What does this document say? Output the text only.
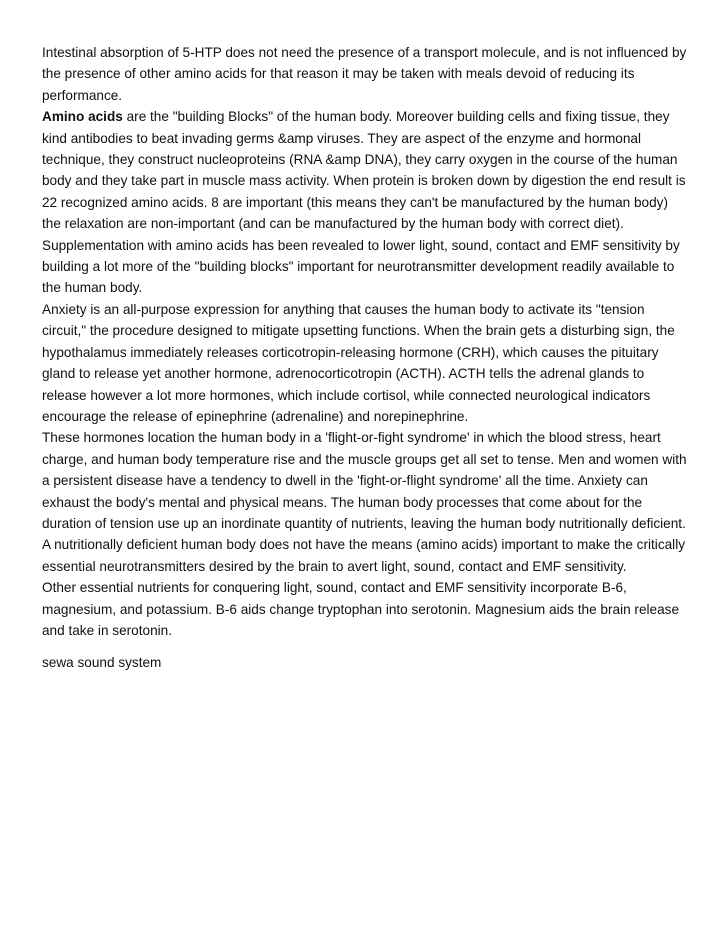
Intestinal absorption of 5-HTP does not need the presence of a transport molecule, and is not influenced by the presence of other amino acids for that reason it may be taken with meals devoid of reducing its performance.

Amino acids are the "building Blocks" of the human body. Moreover building cells and fixing tissue, they kind antibodies to beat invading germs &amp viruses. They are aspect of the enzyme and hormonal technique, they construct nucleoproteins (RNA &amp DNA), they carry oxygen in the course of the human body and they take part in muscle mass activity. When protein is broken down by digestion the end result is 22 recognized amino acids. 8 are important (this means they can't be manufactured by the human body) the relaxation are non-important (and can be manufactured by the human body with correct diet).

Supplementation with amino acids has been revealed to lower light, sound, contact and EMF sensitivity by building a lot more of the "building blocks" important for neurotransmitter development readily available to the human body.

Anxiety is an all-purpose expression for anything that causes the human body to activate its "tension circuit," the procedure designed to mitigate upsetting functions. When the brain gets a disturbing sign, the hypothalamus immediately releases corticotropin-releasing hormone (CRH), which causes the pituitary gland to release yet another hormone, adrenocorticotropin (ACTH). ACTH tells the adrenal glands to release however a lot more hormones, which include cortisol, while connected neurological indicators encourage the release of epinephrine (adrenaline) and norepinephrine.

These hormones location the human body in a 'flight-or-fight syndrome' in which the blood stress, heart charge, and human body temperature rise and the muscle groups get all set to tense. Men and women with a persistent disease have a tendency to dwell in the 'fight-or-flight syndrome' all the time. Anxiety can exhaust the body's mental and physical means. The human body processes that come about for the duration of tension use up an inordinate quantity of nutrients, leaving the human body nutritionally deficient. A nutritionally deficient human body does not have the means (amino acids) important to make the critically essential neurotransmitters desired by the brain to avert light, sound, contact and EMF sensitivity.

Other essential nutrients for conquering light, sound, contact and EMF sensitivity incorporate B-6, magnesium, and potassium. B-6 aids change tryptophan into serotonin. Magnesium aids the brain release and take in serotonin.

sewa sound system
